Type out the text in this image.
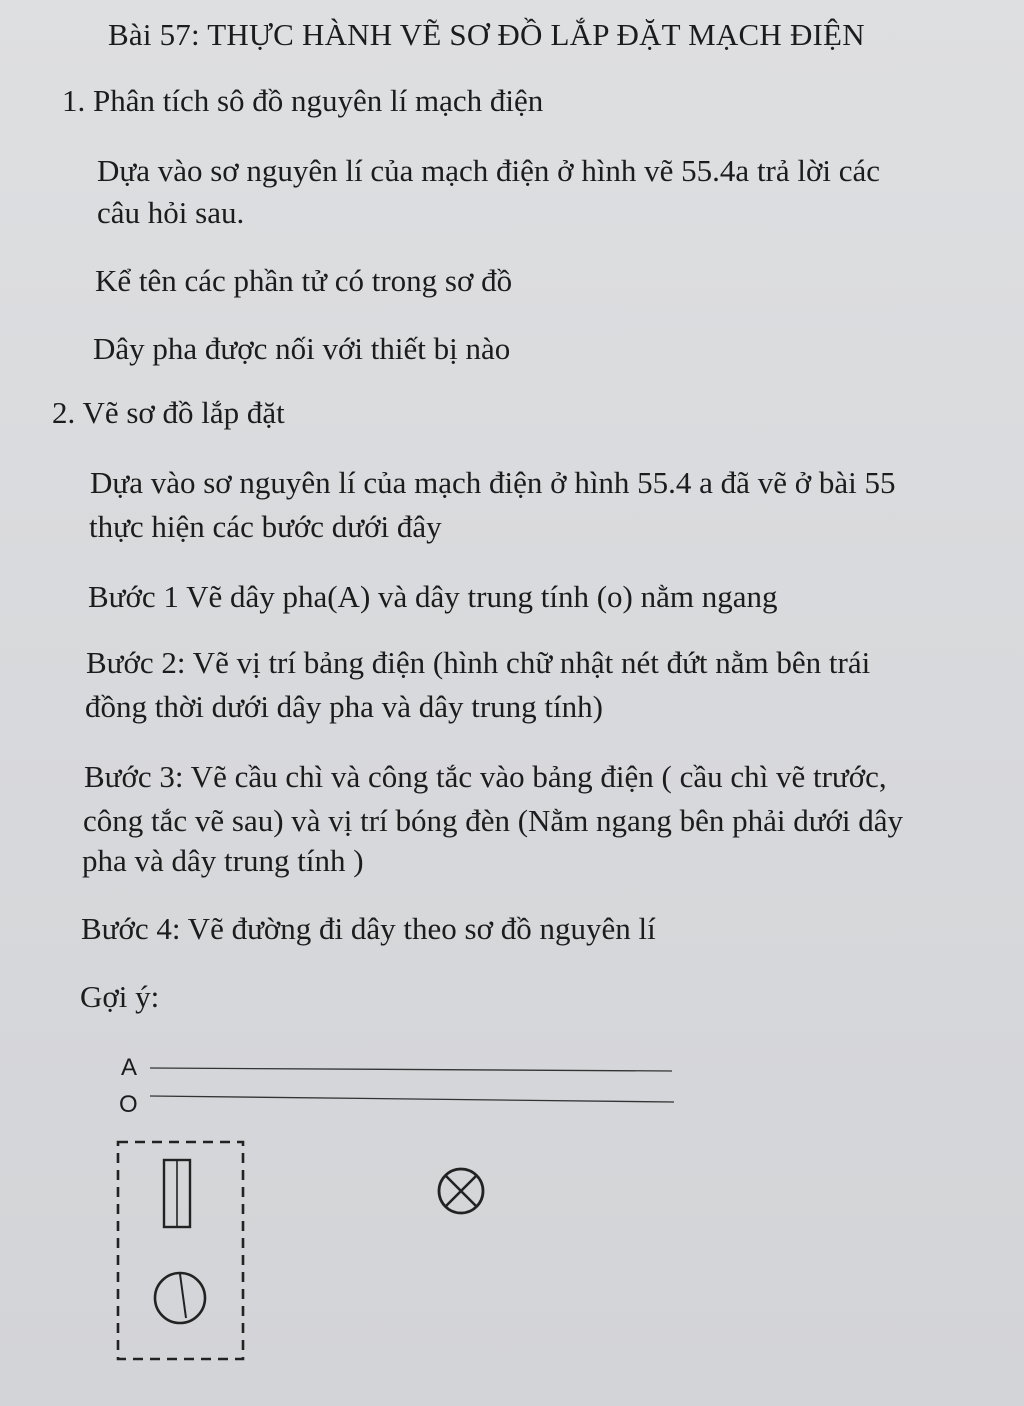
Bài 57: THỰC HÀNH VẼ SƠ ĐỒ LẮP ĐẶT MẠCH ĐIỆN
1. Phân tích sô đồ nguyên lí mạch điện
Dựa vào sơ nguyên lí của mạch điện ở hình vẽ 55.4a trả lời các
câu hỏi sau.
Kể tên các phần tử có trong sơ đồ
Dây pha được nối với thiết bị nào
2. Vẽ sơ đồ lắp đặt
Dựa vào sơ nguyên lí của mạch điện ở hình 55.4 a đã vẽ ở bài 55
thực hiện các bước dưới đây
Bước 1 Vẽ dây pha(A) và dây trung tính (o) nằm ngang
Bước 2: Vẽ vị trí bảng điện (hình chữ nhật nét đứt nằm bên trái
đồng thời dưới dây pha và dây trung tính)
Bước 3: Vẽ cầu chì và công tắc vào bảng điện ( cầu chì vẽ trước,
công tắc vẽ sau) và vị trí bóng đèn (Nằm ngang bên phải dưới dây
pha và dây trung tính )
Bước 4: Vẽ đường đi dây theo sơ đồ nguyên lí
Gợi ý:
A
O
